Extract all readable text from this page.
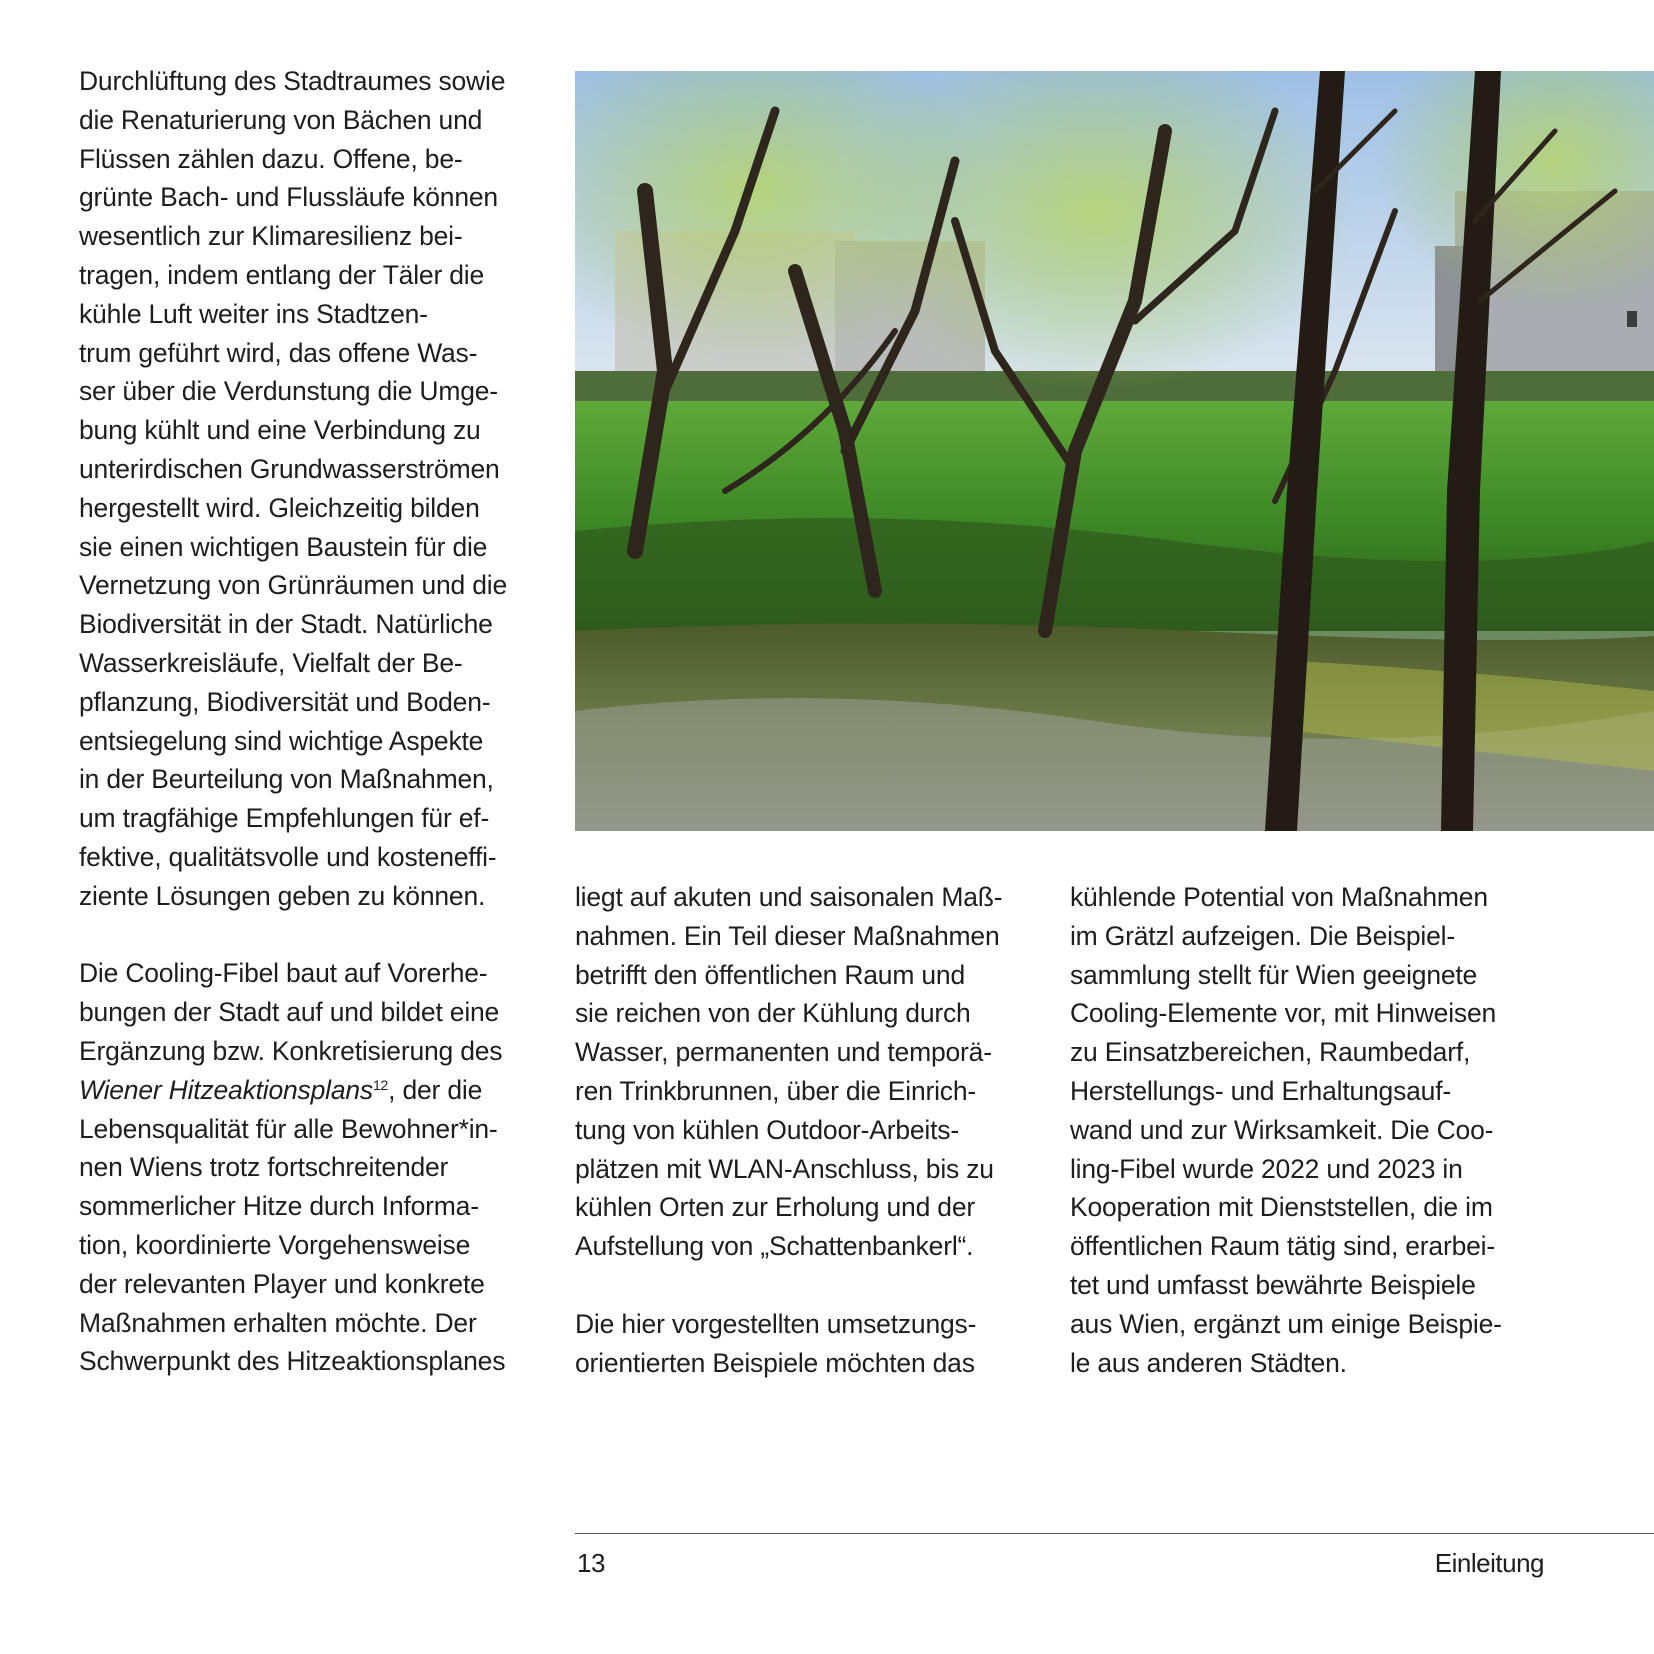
Durchlüftung des Stadtraumes sowie
die Renaturierung von Bächen und
Flüssen zählen dazu. Offene, be-
grünte Bach- und Flussläufe können
wesentlich zur Klimaresilienz bei-
tragen, indem entlang der Täler die
kühle Luft weiter ins Stadtzen-
trum geführt wird, das offene Was-
ser über die Verdunstung die Umge-
bung kühlt und eine Verbindung zu
unterirdischen Grundwasserströmen
hergestellt wird. Gleichzeitig bilden
sie einen wichtigen Baustein für die
Vernetzung von Grünräumen und die
Biodiversität in der Stadt. Natürliche
Wasserkreisläufe, Vielfalt der Be-
pflanzung, Biodiversität und Boden-
entsiegelung sind wichtige Aspekte
in der Beurteilung von Maßnahmen,
um tragfähige Empfehlungen für ef-
fektive, qualitätsvolle und kosteneffi-
ziente Lösungen geben zu können.
Die Cooling-Fibel baut auf Vorerhe-
bungen der Stadt auf und bildet eine
Ergänzung bzw. Konkretisierung des
Wiener Hitzeaktionsplans$^{12}$, der die
Lebensqualität für alle Bewohner*in-
nen Wiens trotz fortschreitender
sommerlicher Hitze durch Informa-
tion, koordinierte Vorgehensweise
der relevanten Player und konkrete
Maßnahmen erhalten möchte. Der
Schwerpunkt des Hitzeaktionsplanes
liegt auf akuten und saisonalen Maß-
nahmen. Ein Teil dieser Maßnahmen
betrifft den öffentlichen Raum und
sie reichen von der Kühlung durch
Wasser, permanenten und temporä-
ren Trinkbrunnen, über die Einrich-
tung von kühlen Outdoor-Arbeits-
plätzen mit WLAN-Anschluss, bis zu
kühlen Orten zur Erholung und der
Aufstellung von „Schattenbankerl“.
Die hier vorgestellten umsetzungs-
orientierten Beispiele möchten das
kühlende Potential von Maßnahmen
im Grätzl aufzeigen. Die Beispiel-
sammlung stellt für Wien geeignete
Cooling-Elemente vor, mit Hinweisen
zu Einsatzbereichen, Raumbedarf,
Herstellungs- und Erhaltungsauf-
wand und zur Wirksamkeit. Die Coo-
ling-Fibel wurde 2022 und 2023 in
Kooperation mit Dienststellen, die im
öffentlichen Raum tätig sind, erarbei-
tet und umfasst bewährte Beispiele
aus Wien, ergänzt um einige Beispie-
le aus anderen Städten.
13	Einleitung
